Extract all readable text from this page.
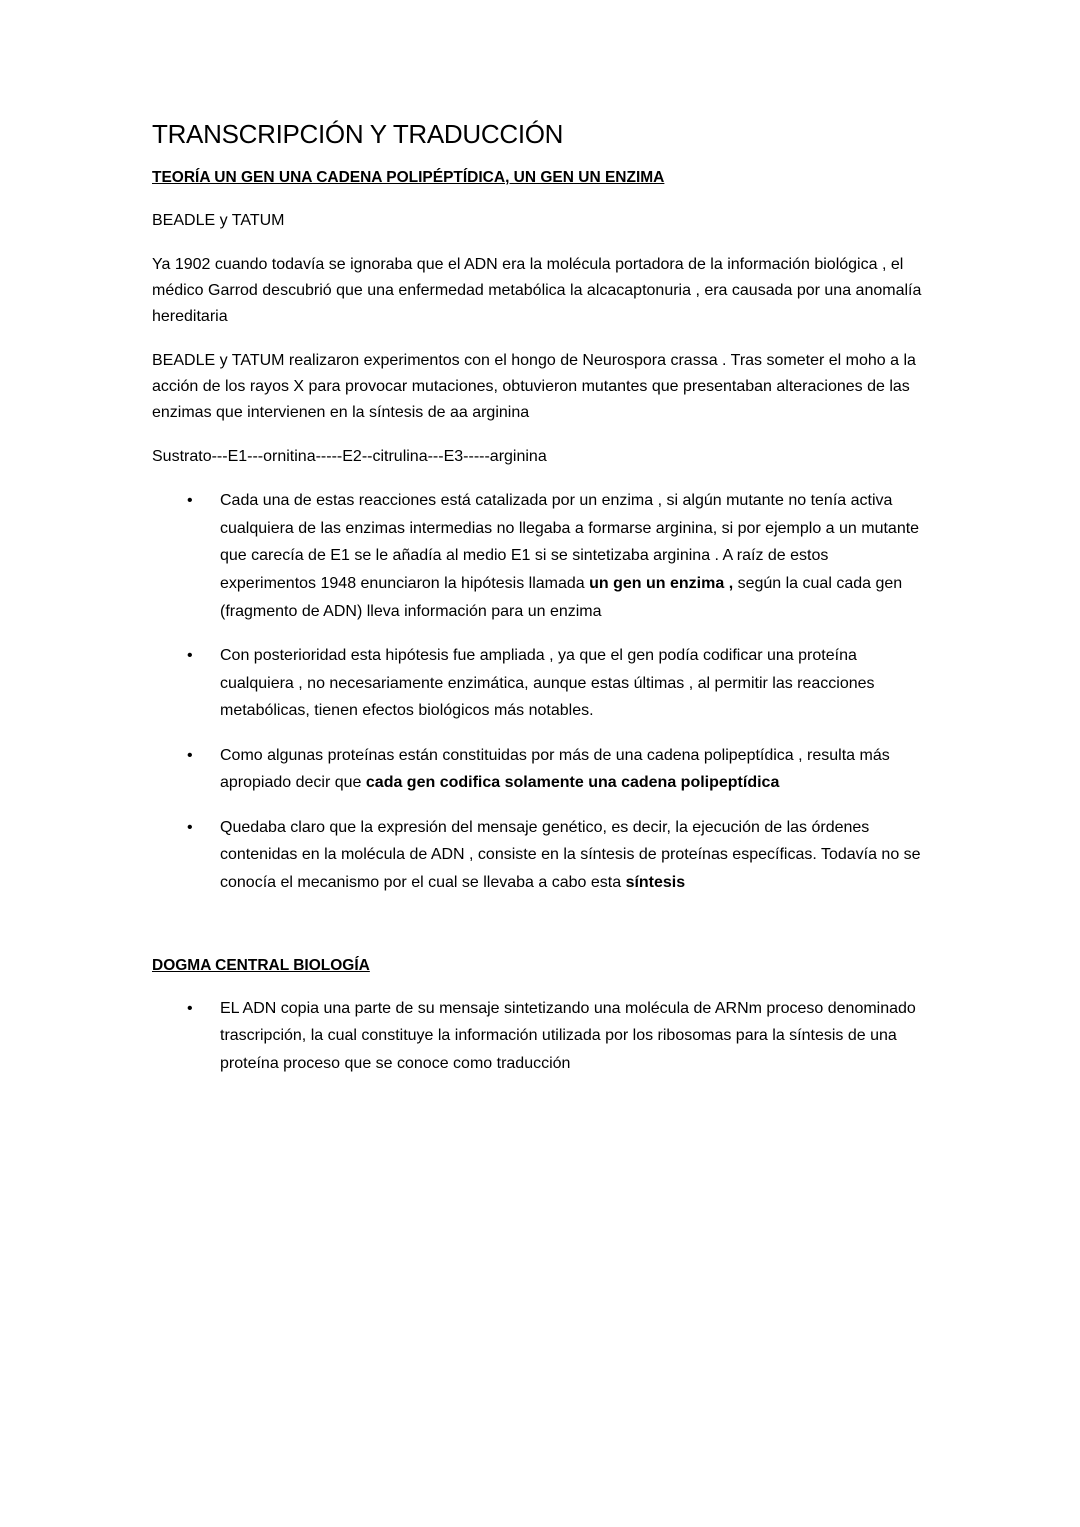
TRANSCRIPCIÓN Y TRADUCCIÓN
TEORÍA UN GEN UNA CADENA POLIPÉPTÍDICA, UN GEN UN ENZIMA

BEADLE y TATUM

Ya 1902 cuando todavía se ignoraba que el ADN era la molécula portadora de la información biológica , el médico Garrod descubrió que una enfermedad metabólica la alcacaptonuria , era causada por una anomalía hereditaria

BEADLE y TATUM realizaron experimentos con el hongo de Neurospora crassa . Tras someter el moho a la acción de los rayos X para provocar mutaciones, obtuvieron mutantes que presentaban alteraciones de las enzimas que intervienen en la síntesis de aa arginina

Sustrato---E1---ornitina-----E2--citrulina---E3-----arginina

• Cada una de estas reacciones está catalizada por un enzima , si algún mutante no tenía activa cualquiera de las enzimas intermedias no llegaba a formarse arginina, si por ejemplo a un mutante que carecía de E1 se le añadía al medio E1 si se sintetizaba arginina . A raíz de estos experimentos 1948 enunciaron la hipótesis llamada un gen un enzima , según la cual cada gen (fragmento de ADN) lleva información para un enzima
• Con posterioridad esta hipótesis fue ampliada , ya que el gen podía codificar una proteína cualquiera , no necesariamente enzimática, aunque estas últimas , al permitir las reacciones metabólicas, tienen efectos biológicos más notables.
• Como algunas proteínas están constituidas por más de una cadena polipeptídica , resulta más apropiado decir que cada gen codifica solamente una cadena polipeptídica
• Quedaba claro que la expresión del mensaje genético, es decir, la ejecución de las órdenes contenidas en la molécula de ADN , consiste en la síntesis de proteínas específicas. Todavía no se conocía el mecanismo por el cual se llevaba a cabo esta síntesis
DOGMA CENTRAL BIOLOGÍA
• EL ADN copia una parte de su mensaje sintetizando una molécula de ARNm proceso denominado trascripción, la cual constituye la información utilizada por los ribosomas para la síntesis de una proteína proceso que se conoce como traducción
